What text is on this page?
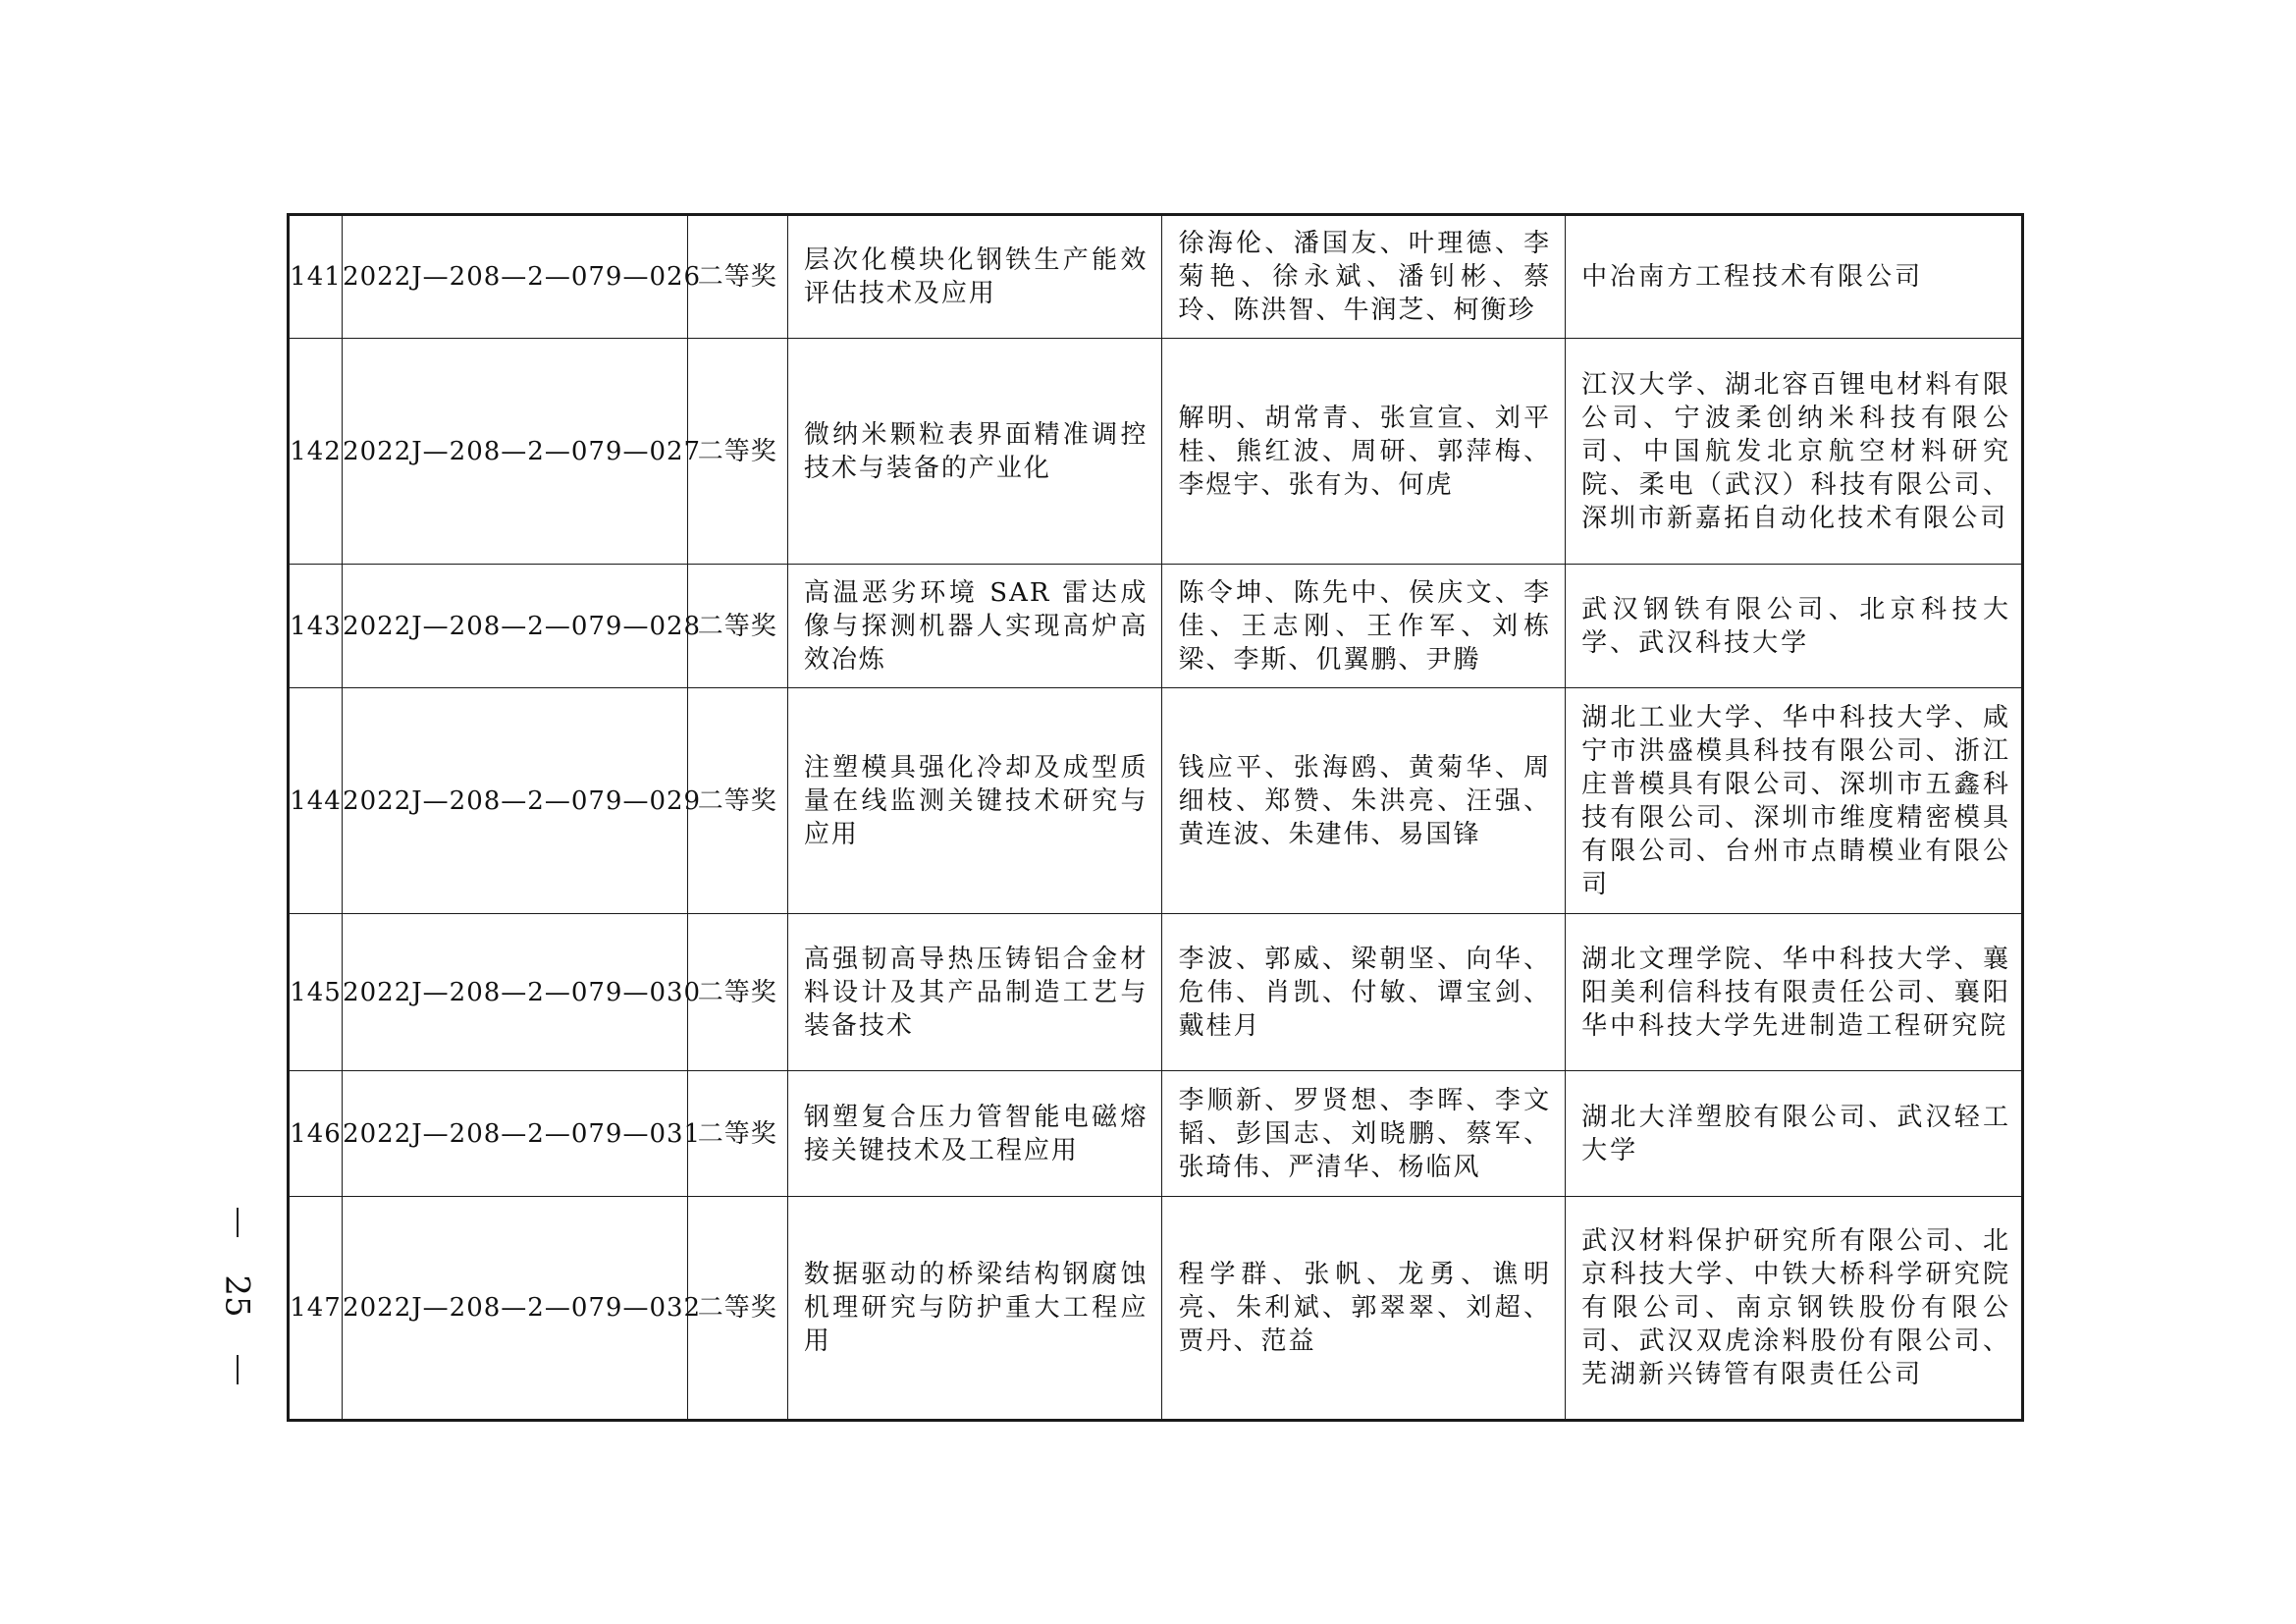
141	2022J—208—2—079—026	二等奖	层次化模块化钢铁生产能效评估技术及应用	徐海伦、潘国友、叶理德、李菊艳、徐永斌、潘钊彬、蔡玲、陈洪智、牛润芝、柯衡珍	中冶南方工程技术有限公司

142	2022J—208—2—079—027	二等奖	微纳米颗粒表界面精准调控技术与装备的产业化	解明、胡常青、张宣宣、刘平桂、熊红波、周研、郭萍梅、李煜宇、张有为、何虎	江汉大学、湖北容百锂电材料有限公司、宁波柔创纳米科技有限公司、中国航发北京航空材料研究院、柔电（武汉）科技有限公司、深圳市新嘉拓自动化技术有限公司

143	2022J—208—2—079—028	二等奖	高温恶劣环境 SAR 雷达成像与探测机器人实现高炉高效冶炼	陈令坤、陈先中、侯庆文、李佳、王志刚、王作军、刘栋梁、李斯、仉翼鹏、尹腾	武汉钢铁有限公司、北京科技大学、武汉科技大学

144	2022J—208—2—079—029	二等奖	注塑模具强化冷却及成型质量在线监测关键技术研究与应用	钱应平、张海鸥、黄菊华、周细枝、郑赞、朱洪亮、汪强、黄连波、朱建伟、易国锋	湖北工业大学、华中科技大学、咸宁市洪盛模具科技有限公司、浙江庄普模具有限公司、深圳市五鑫科技有限公司、深圳市维度精密模具有限公司、台州市点睛模业有限公司

145	2022J—208—2—079—030	二等奖	高强韧高导热压铸铝合金材料设计及其产品制造工艺与装备技术	李波、郭威、梁朝坚、向华、危伟、肖凯、付敏、谭宝剑、戴桂月	湖北文理学院、华中科技大学、襄阳美利信科技有限责任公司、襄阳华中科技大学先进制造工程研究院

146	2022J—208—2—079—031	二等奖	钢塑复合压力管智能电磁熔接关键技术及工程应用	李顺新、罗贤想、李晖、李文韬、彭国志、刘晓鹏、蔡军、张琦伟、严清华、杨临风	湖北大洋塑胶有限公司、武汉轻工大学

147	2022J—208—2—079—032	二等奖	数据驱动的桥梁结构钢腐蚀机理研究与防护重大工程应用	程学群、张帆、龙勇、谯明亮、朱利斌、郭翠翠、刘超、贾丹、范益	武汉材料保护研究所有限公司、北京科技大学、中铁大桥科学研究院有限公司、南京钢铁股份有限公司、武汉双虎涂料股份有限公司、芜湖新兴铸管有限责任公司
25
